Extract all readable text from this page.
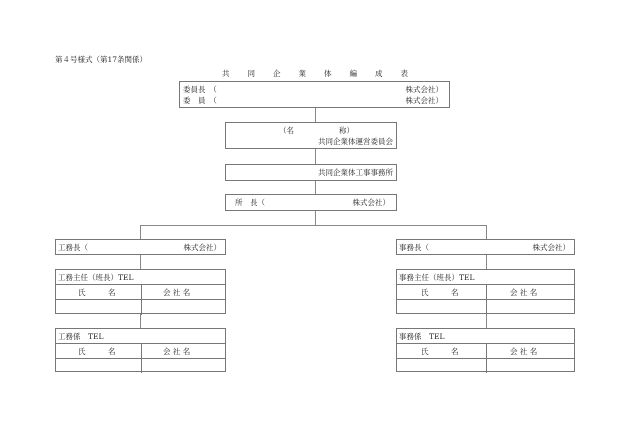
第４号様式（第17条関係）
共同企業体編成表
委員長　（	株式会社）
委　員　（	株式会社）
（名　　　　　　称）
共同企業体運営委員会
共同企業体工事事務所
所　長（	株式会社）
工務長（	株式会社）
工務主任（班長）TEL
氏　　　名	会 社 名
工務係　TEL
氏　　　名	会 社 名
事務長（	株式会社）
事務主任（班長）TEL
氏　　　名	会 社 名
事務係　TEL
氏　　　名	会 社 名
